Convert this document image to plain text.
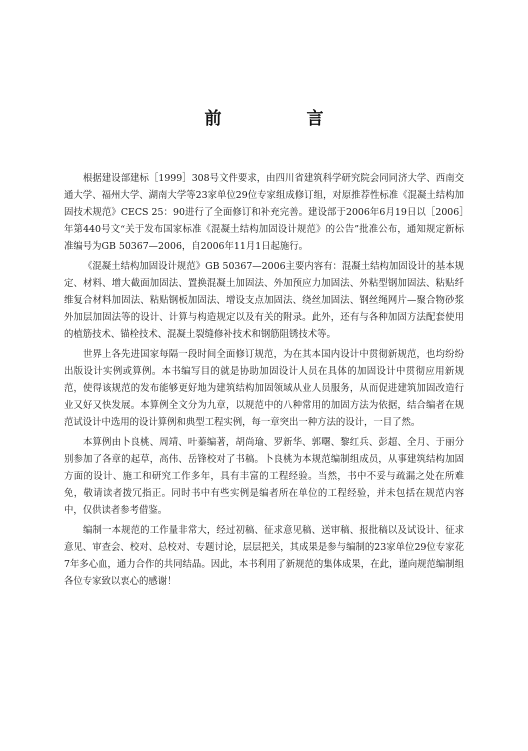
前　言

根据建设部建标［1999］308号文件要求，由四川省建筑科学研究院会同同济大学、西南交通大学、福州大学、湖南大学等23家单位29位专家组成修订组，对原推荐性标准《混凝土结构加固技术规范》CECS 25：90进行了全面修订和补充完善。建设部于2006年6月19日以［2006］年第440号文“关于发布国家标准《混凝土结构加固设计规范》的公告”批准公布，通知规定新标准编号为GB 50367—2006，自2006年11月1日起施行。

《混凝土结构加固设计规范》GB 50367—2006主要内容有：混凝土结构加固设计的基本规定、材料、增大截面加固法、置换混凝土加固法、外加预应力加固法、外粘型钢加固法、粘贴纤维复合材料加固法、粘贴钢板加固法、增设支点加固法、绕丝加固法、钢丝绳网片—聚合物砂浆外加层加固法等的设计、计算与构造规定以及有关的附录。此外，还有与各种加固方法配套使用的植筋技术、锚栓技术、混凝土裂缝修补技术和钢筋阻锈技术等。

世界上各先进国家每隔一段时间全面修订规范，为在其本国内设计中贯彻新规范，也均纷纷出版设计实例或算例。本书编写目的就是协助加固设计人员在具体的加固设计中贯彻应用新规范，使得该规范的发布能够更好地为建筑结构加固领域从业人员服务，从而促进建筑加固改造行业又好又快发展。本算例全文分为九章，以规范中的八种常用的加固方法为依据，结合编者在规范试设计中选用的设计算例和典型工程实例，每一章突出一种方法的设计，一目了然。

本算例由卜良桃、周靖、叶蓁编著，胡尚瑜、罗新华、郭曙、黎红兵、彭超、全月、于丽分别参加了各章的起草，高伟、岳锋校对了书稿。卜良桃为本规范编制组成员，从事建筑结构加固方面的设计、施工和研究工作多年，具有丰富的工程经验。当然，书中不妥与疏漏之处在所难免，敬请读者拨冗指正。同时书中有些实例是编者所在单位的工程经验，并未包括在规范内容中，仅供读者参考借鉴。

编制一本规范的工作量非常大，经过初稿、征求意见稿、送审稿、报批稿以及试设计、征求意见、审查会、校对、总校对、专题讨论，层层把关，其成果是参与编制的23家单位29位专家花7年多心血，通力合作的共同结晶。因此，本书利用了新规范的集体成果，在此，谨向规范编制组各位专家致以衷心的感谢！
